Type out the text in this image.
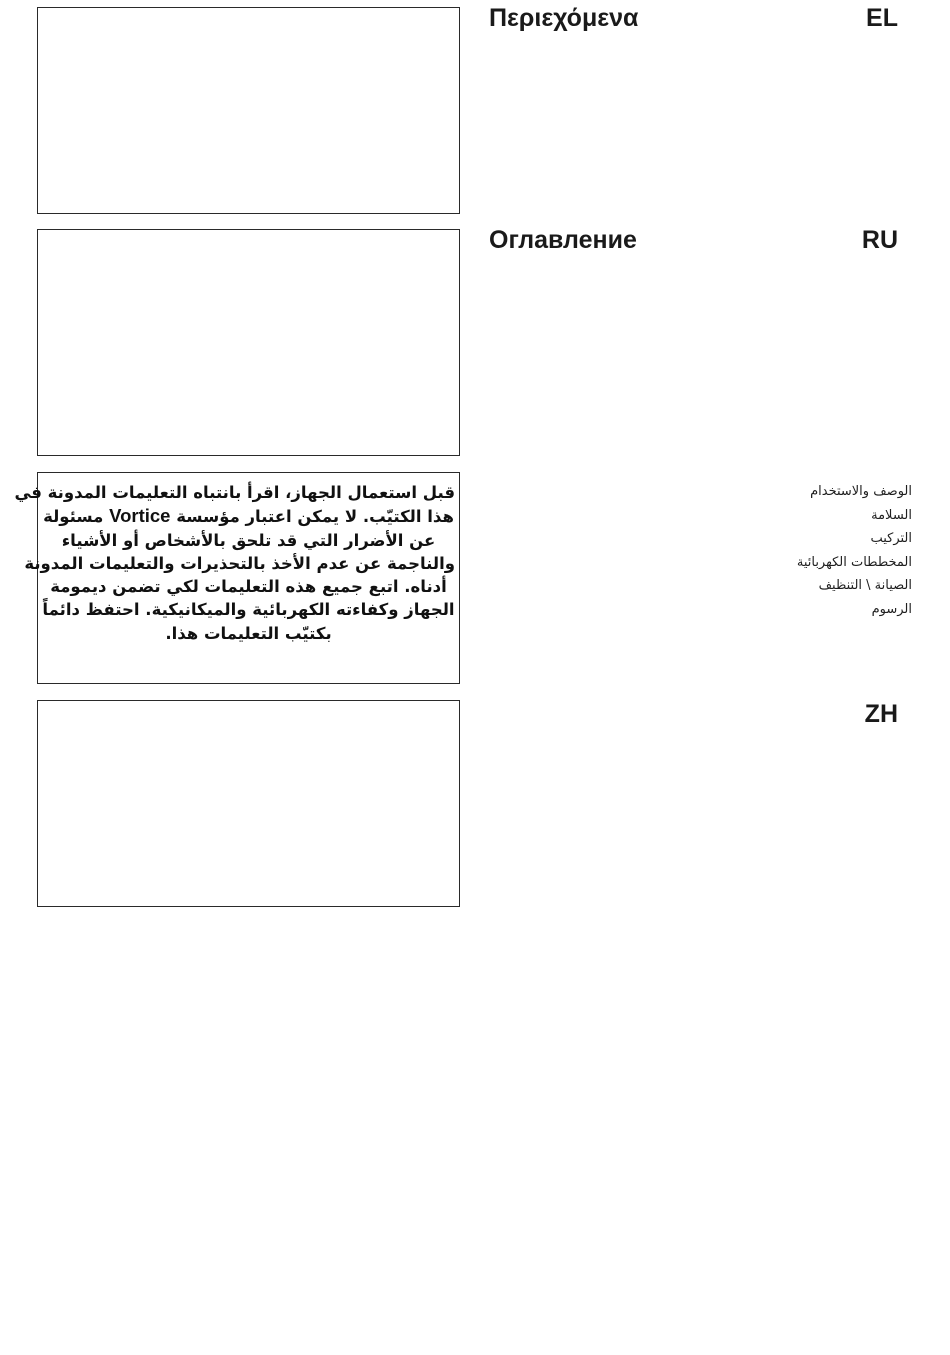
Περιεχόμενα	EL
Оглавление	RU
قبل استعمال الجهاز، اقرأ بانتباه التعليمات المدونة في
هذا الكتيّب. لا يمكن اعتبار مؤسسة Vortice مسئولة
عن الأضرار التي قد تلحق بالأشخاص أو الأشياء
والناجمة عن عدم الأخذ بالتحذيرات والتعليمات المدونة
أدناه. اتبع جميع هذه التعليمات لكي تضمن ديمومة
الجهاز وكفاءته الكهربائية والميكانيكية. احتفظ دائماً
بكتيّب التعليمات هذا.
الوصف والاستخدام
السلامة
التركيب
المخططات الكهربائية
الصيانة \ التنظيف
الرسوم
ZH
